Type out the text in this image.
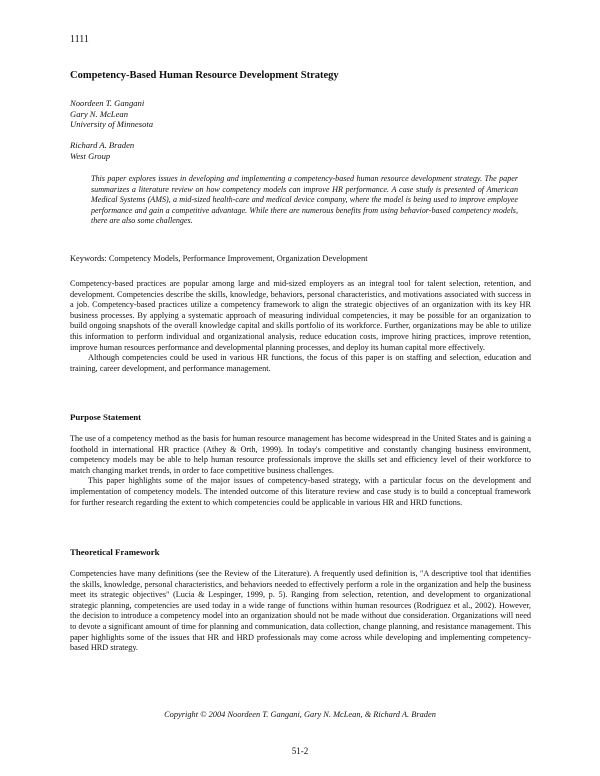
1111
Competency-Based Human Resource Development Strategy
Noordeen T. Gangani
Gary N. McLean
University of Minnesota
Richard A. Braden
West Group
This paper explores issues in developing and implementing a competency-based human resource development strategy. The paper summarizes a literature review on how competency models can improve HR performance. A case study is presented of American Medical Systems (AMS), a mid-sized health-care and medical device company, where the model is being used to improve employee performance and gain a competitive advantage. While there are numerous benefits from using behavior-based competency models, there are also some challenges.
Keywords: Competency Models, Performance Improvement, Organization Development

Competency-based practices are popular among large and mid-sized employers as an integral tool for talent selection, retention, and development. Competencies describe the skills, knowledge, behaviors, personal characteristics, and motivations associated with success in a job. Competency-based practices utilize a competency framework to align the strategic objectives of an organization with its key HR business processes. By applying a systematic approach of measuring individual competencies, it may be possible for an organization to build ongoing snapshots of the overall knowledge capital and skills portfolio of its workforce. Further, organizations may be able to utilize this information to perform individual and organizational analysis, reduce education costs, improve hiring practices, improve retention, improve human resources performance and developmental planning processes, and deploy its human capital more effectively.

Although competencies could be used in various HR functions, the focus of this paper is on staffing and selection, education and training, career development, and performance management.

Purpose Statement

The use of a competency method as the basis for human resource management has become widespread in the United States and is gaining a foothold in international HR practice (Athey & Orth, 1999). In today's competitive and constantly changing business environment, competency models may be able to help human resource professionals improve the skills set and efficiency level of their workforce to match changing market trends, in order to face competitive business challenges.

This paper highlights some of the major issues of competency-based strategy, with a particular focus on the development and implementation of competency models. The intended outcome of this literature review and case study is to build a conceptual framework for further research regarding the extent to which competencies could be applicable in various HR and HRD functions.

Theoretical Framework

Competencies have many definitions (see the Review of the Literature). A frequently used definition is, "A descriptive tool that identifies the skills, knowledge, personal characteristics, and behaviors needed to effectively perform a role in the organization and help the business meet its strategic objectives" (Lucia & Lespinger, 1999, p. 5). Ranging from selection, retention, and development to organizational strategic planning, competencies are used today in a wide range of functions within human resources (Rodriguez et al., 2002). However, the decision to introduce a competency model into an organization should not be made without due consideration. Organizations will need to devote a significant amount of time for planning and communication, data collection, change planning, and resistance management. This paper highlights some of the issues that HR and HRD professionals may come across while developing and implementing competency-based HRD strategy.

Copyright © 2004 Noordeen T. Gangani, Gary N. McLean, & Richard A. Braden
51-2
